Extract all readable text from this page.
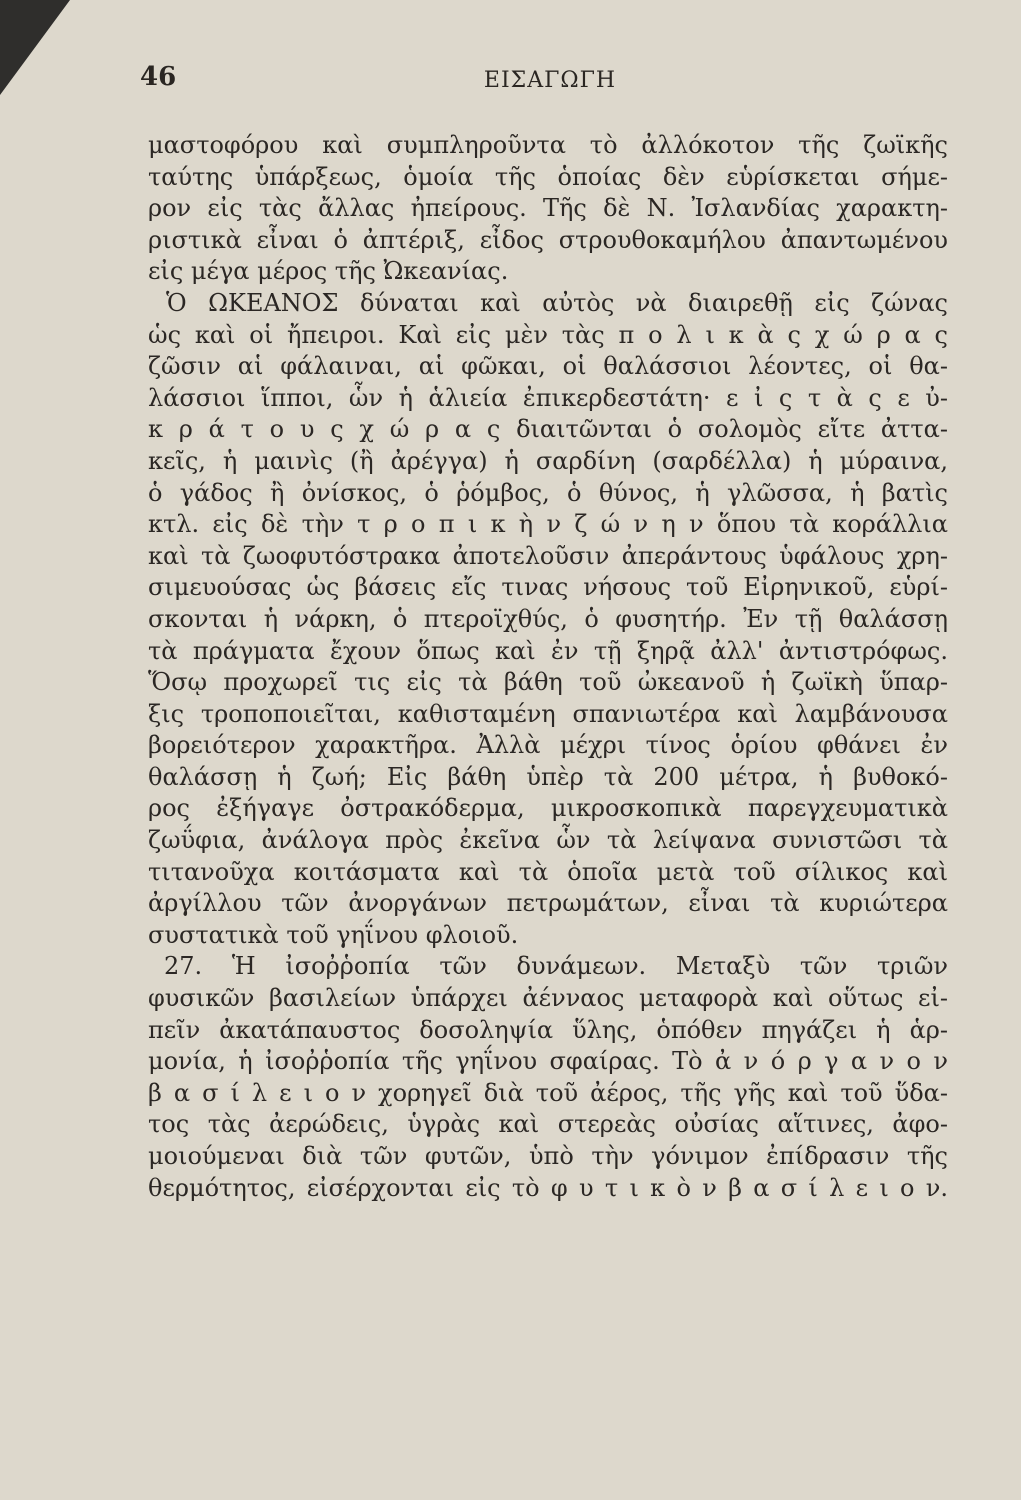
46	ΕΙΣΑΓΩΓΗ
μαστοφόρου καὶ συμπληροῦντα τὸ ἀλλόκοτον τῆς ζωϊκῆς
ταύτης ὑπάρξεως, ὁμοία τῆς ὁποίας δὲν εὑρίσκεται σήμε-
ρον εἰς τὰς ἄλλας ἠπείρους. Τῆς δὲ Ν. Ἰσλανδίας χαρακτη-
ριστικὰ εἶναι ὁ ἀπτέριξ, εἶδος στρουθοκαμήλου ἀπαντωμένου
εἰς μέγα μέρος τῆς Ὠκεανίας.
Ὁ ΩΚΕΑΝΟΣ δύναται καὶ αὐτὸς νὰ διαιρεθῇ εἰς ζώνας
ὡς καὶ οἱ ἤπειροι. Καὶ εἰς μὲν τὰς π ο λ ι κ ὰ ς χ ώ ρ α ς
ζῶσιν αἱ φάλαιναι, αἱ φῶκαι, οἱ θαλάσσιοι λέοντες, οἱ θα-
λάσσιοι ἵπποι, ὧν ἡ ἁλιεία ἐπικερδεστάτη· ε ἰ ς τ ὰ ς ε ὐ-
κ ρ ά τ ο υ ς χ ώ ρ α ς διαιτῶνται ὁ σολομὸς εἴτε ἀττα-
κεῖς, ἡ μαινὶς (ἢ ἀρέγγα) ἡ σαρδίνη (σαρδέλλα) ἡ μύραινα,
ὁ γάδος ἢ ὀνίσκος, ὁ ῥόμβος, ὁ θύνος, ἡ γλῶσσα, ἡ βατὶς
κτλ. εἰς δὲ τὴν τ ρ ο π ι κ ὴ ν ζ ώ ν η ν ὅπου τὰ κοράλλια
καὶ τὰ ζωοφυτόστρακα ἀποτελοῦσιν ἀπεράντους ὑφάλους χρη-
σιμευούσας ὡς βάσεις εἴς τινας νήσους τοῦ Εἰρηνικοῦ, εὑρί-
σκονται ἡ νάρκη, ὁ πτεροϊχθύς, ὁ φυσητήρ. Ἐν τῇ θαλάσσῃ
τὰ πράγματα ἔχουν ὅπως καὶ ἐν τῇ ξηρᾷ ἀλλ' ἀντιστρόφως.
Ὅσῳ προχωρεῖ τις εἰς τὰ βάθη τοῦ ὠκεανοῦ ἡ ζωϊκὴ ὕπαρ-
ξις τροποποιεῖται, καθισταμένη σπανιωτέρα καὶ λαμβάνουσα
βορειότερον χαρακτῆρα. Ἀλλὰ μέχρι τίνος ὁρίου φθάνει ἐν
θαλάσσῃ ἡ ζωή; Εἰς βάθη ὑπὲρ τὰ 200 μέτρα, ἡ βυθοκό-
ρος ἐξήγαγε ὀστρακόδερμα, μικροσκοπικὰ παρεγχευματικὰ
ζωΰφια, ἀνάλογα πρὸς ἐκεῖνα ὧν τὰ λείψανα συνιστῶσι τὰ
τιτανοῦχα κοιτάσματα καὶ τὰ ὁποῖα μετὰ τοῦ σίλικος καὶ
ἀργίλλου τῶν ἀνοργάνων πετρωμάτων, εἶναι τὰ κυριώτερα
συστατικὰ τοῦ γηΐνου φλοιοῦ.
27. Ἡ ἰσοῤῥοπία τῶν δυνάμεων. Μεταξὺ τῶν τριῶν
φυσικῶν βασιλείων ὑπάρχει ἀένναος μεταφορὰ καὶ οὕτως εἰ-
πεῖν ἀκατάπαυστος δοσοληψία ὕλης, ὁπόθεν πηγάζει ἡ ἁρ-
μονία, ἡ ἰσοῤῥοπία τῆς γηΐνου σφαίρας. Τὸ ἀ ν ό ρ γ α ν ο ν
β α σ ί λ ε ι ο ν χορηγεῖ διὰ τοῦ ἀέρος, τῆς γῆς καὶ τοῦ ὕδα-
τος τὰς ἀερώδεις, ὑγρὰς καὶ στερεὰς οὐσίας αἵτινες, ἀφο-
μοιούμεναι διὰ τῶν φυτῶν, ὑπὸ τὴν γόνιμον ἐπίδρασιν τῆς
θερμότητος, εἰσέρχονται εἰς τὸ φ υ τ ι κ ὸ ν β α σ ί λ ε ι ο ν.
